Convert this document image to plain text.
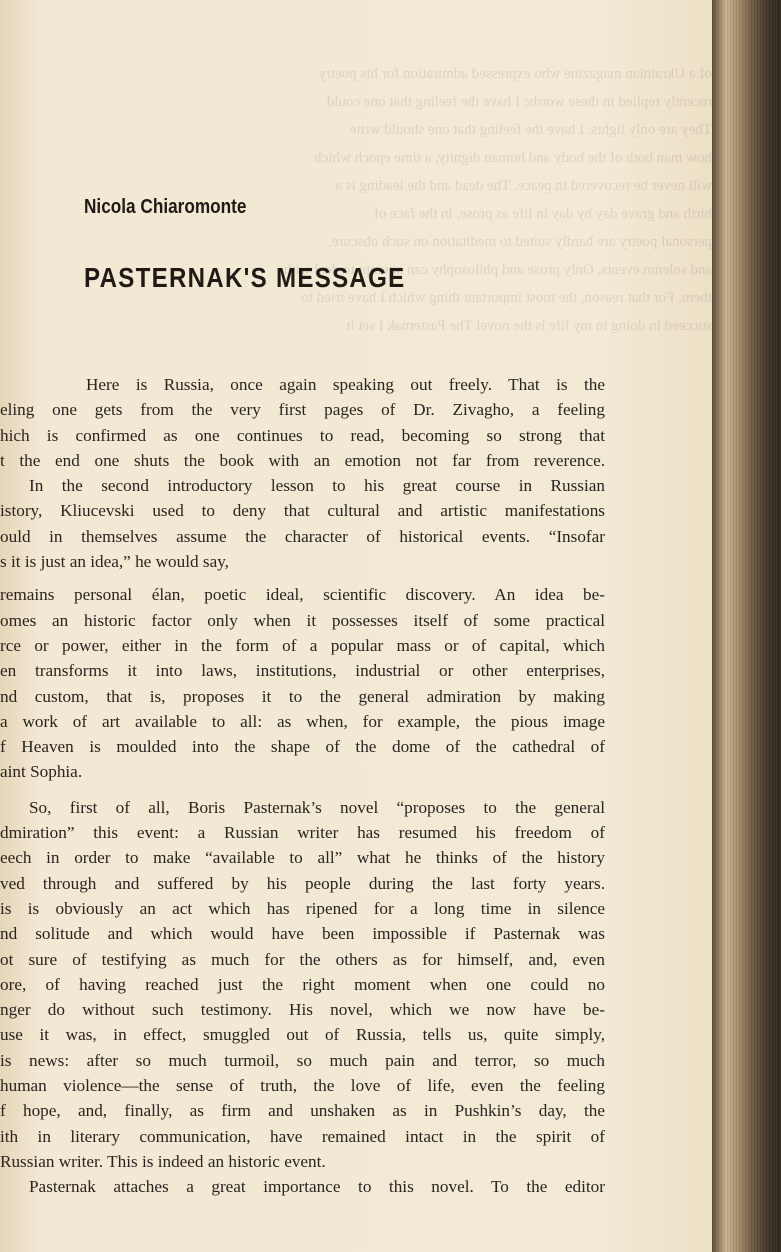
of a Ukrainian magazine who expressed admiration for his poetry
recently replied in these words: I have the feeling that one could
They are only lights. I have the feeling that one should write
how man both of the body and human dignity, a time epoch which
will never be recovered in peace. The dead and the leading is a
birth and grave day by day in life as prose, in the face of
personal poetry are hardly suited to meditation on such obscure,
and solemn events. Only prose and philosophy can attempt to deal with
them. For that reason, the most important thing which I have tried to
succeed in doing in my life is the novel The Pasternak I set it
Nicola Chiaromonte
PASTERNAK'S MESSAGE
Here is Russia, once again speaking out freely. That is the
eling one gets from the very first pages of Dr. Zivagho, a feeling
hich is confirmed as one continues to read, becoming so strong that
t the end one shuts the book with an emotion not far from reverence.
In the second introductory lesson to his great course in Russian
istory, Kliucevski used to deny that cultural and artistic manifestations
ould in themselves assume the character of historical events. “Insofar
s it is just an idea,” he would say,
remains personal élan, poetic ideal, scientific discovery. An idea be-
omes an historic factor only when it possesses itself of some practical
rce or power, either in the form of a popular mass or of capital, which
en transforms it into laws, institutions, industrial or other enterprises,
nd custom, that is, proposes it to the general admiration by making
a work of art available to all: as when, for example, the pious image
f Heaven is moulded into the shape of the dome of the cathedral of
aint Sophia.
So, first of all, Boris Pasternak’s novel “proposes to the general
dmiration” this event: a Russian writer has resumed his freedom of
eech in order to make “available to all” what he thinks of the history
ved through and suffered by his people during the last forty years.
is is obviously an act which has ripened for a long time in silence
nd solitude and which would have been impossible if Pasternak was
ot sure of testifying as much for the others as for himself, and, even
ore, of having reached just the right moment when one could no
nger do without such testimony. His novel, which we now have be-
use it was, in effect, smuggled out of Russia, tells us, quite simply,
is news: after so much turmoil, so much pain and terror, so much
human violence—the sense of truth, the love of life, even the feeling
f hope, and, finally, as firm and unshaken as in Pushkin’s day, the
ith in literary communication, have remained intact in the spirit of
Russian writer. This is indeed an historic event.
Pasternak attaches a great importance to this novel. To the editor
